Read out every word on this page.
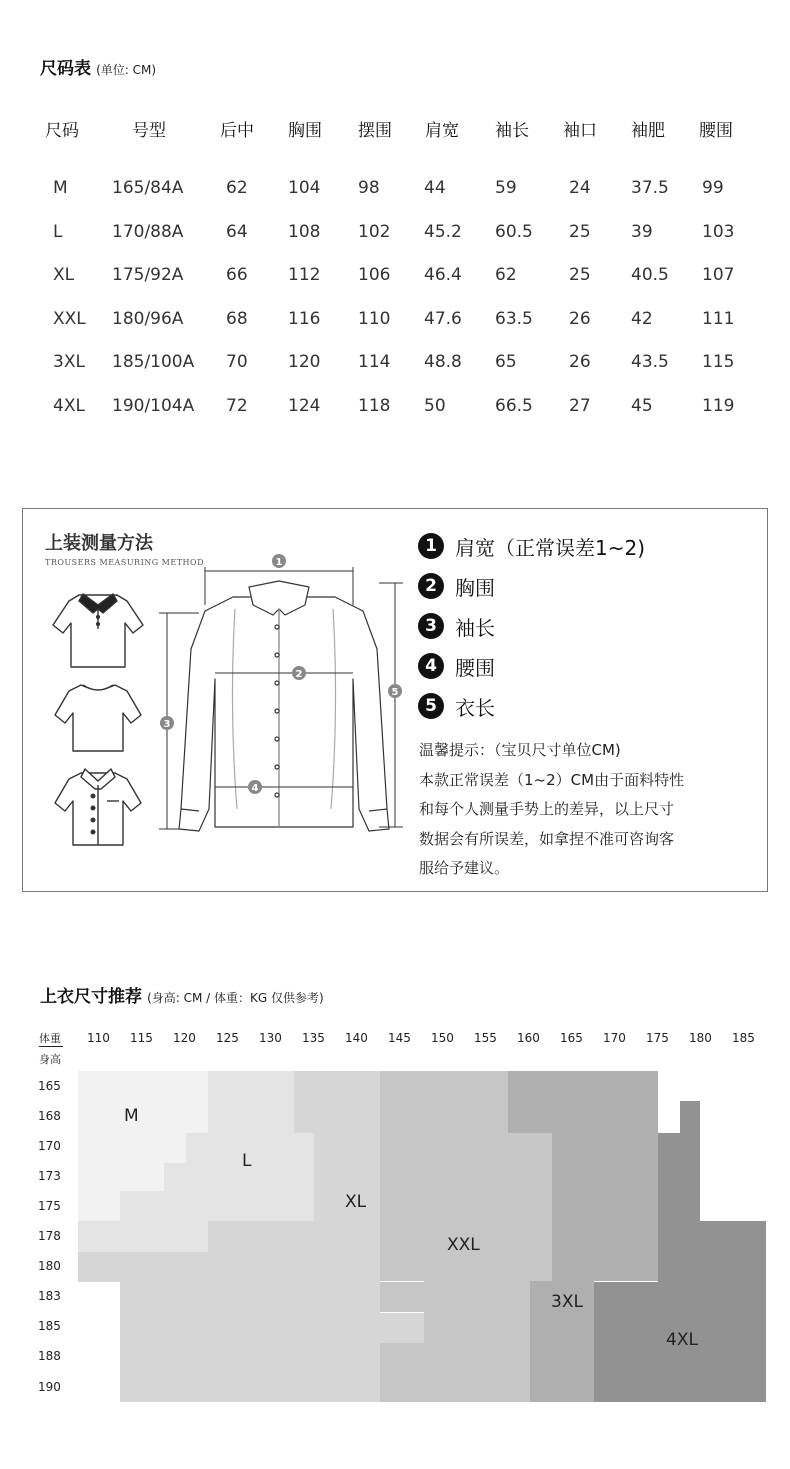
尺码表 (单位: CM)
尺码	号型	后中 胸围 摆围 肩宽 袖长 袖口 袖肥 腰围
M	165/84A	62 104 98	44	59	24 37.5 99
L	170/88A	64 108 102 45.2 60.5 25 39	103
XL 175/92A	66 112 106 46.4 62	25 40.5 107
XXL 180/96A	68 116 110 47.6 63.5 26 42	111
3XL 185/100A 70 120 114 48.8 65	26 43.5 115
4XL 190/104A 72 124 118 50	66.5 27 45	119
上装测量方法
TROUSERS MEASURING METHOD	1
2
3
4
5
1 肩宽（正常误差1~2)
2 胸围
3 袖长
4 腰围
5 衣长
温馨提示：（宝贝尺寸单位CM)
本款正常误差（1~2）CM由于面料特性
和每个人测量手势上的差异，以上尺寸
数据会有所误差，如拿捏不准可咨询客
服给予建议。
上衣尺寸推荐 (身高: CM / 体重：KG 仅供参考)
体重
身高
110 115 120 125 130 135 140 145 150 155 160 165 170 175 180 185
165
168
170
173
175
178
180
183
185
188
190
M
L
XL
XXL
3XL
4XL
